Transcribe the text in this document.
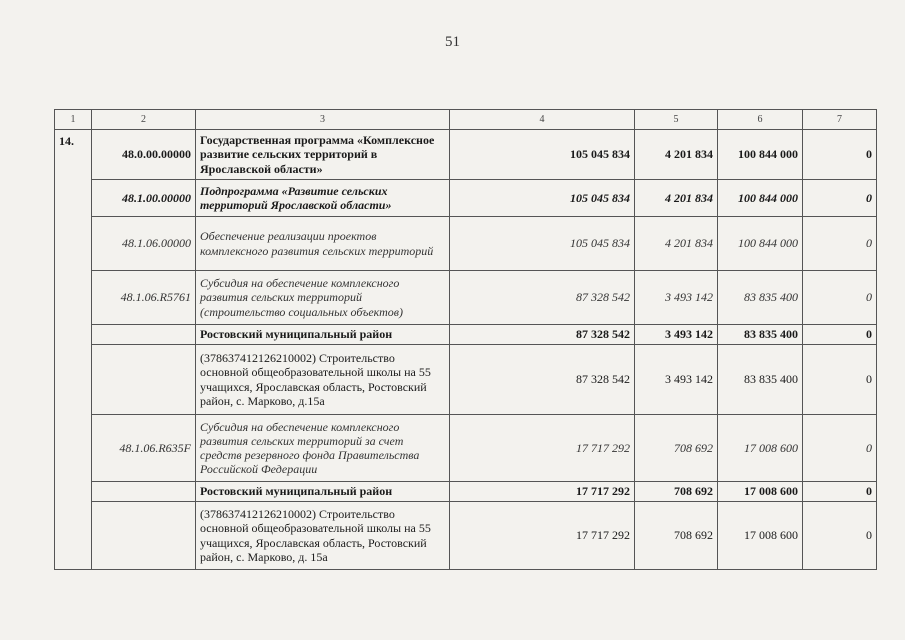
51
1	2	3	4	5	6	7
14.	48.0.00.00000	Государственная программа «Комплексное развитие сельских территорий в Ярославской области»	105 045 834	4 201 834	100 844 000	0
	48.1.00.00000	Подпрограмма «Развитие сельских территорий Ярославской области»	105 045 834	4 201 834	100 844 000	0
	48.1.06.00000	Обеспечение реализации проектов комплексного развития сельских территорий	105 045 834	4 201 834	100 844 000	0
	48.1.06.R5761	Субсидия на обеспечение комплексного развития сельских территорий (строительство социальных объектов)	87 328 542	3 493 142	83 835 400	0
		Ростовский муниципальный район	87 328 542	3 493 142	83 835 400	0
		(378637412126210002) Строительство основной общеобразовательной школы на 55 учащихся, Ярославская область, Ростовский район, с. Марково, д.15а	87 328 542	3 493 142	83 835 400	0
	48.1.06.R635F	Субсидия на обеспечение комплексного развития сельских территорий за счет средств резервного фонда Правительства Российской Федерации	17 717 292	708 692	17 008 600	0
		Ростовский муниципальный район	17 717 292	708 692	17 008 600	0
		(378637412126210002) Строительство основной общеобразовательной школы на 55 учащихся, Ярославская область, Ростовский район, с. Марково, д. 15а	17 717 292	708 692	17 008 600	0
